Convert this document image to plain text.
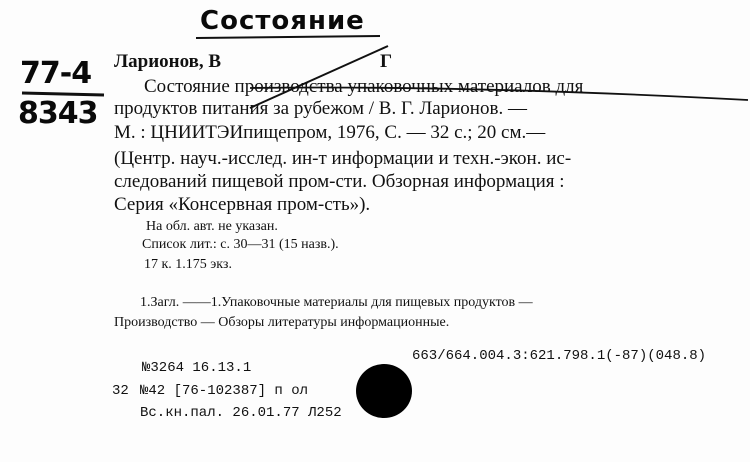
Состояние
77-4
8343
Ларионов, В	Г
Состояние производства упаковочных материалов для
продуктов питания за рубежом / В. Г. Ларионов. —
М. : ЦНИИТЭИпищепром, 1976, С. — 32 с.; 20 см.—
(Центр. науч.-исслед. ин-т информации и техн.-экон. ис-
следований пищевой пром-сти. Обзорная информация :
Серия «Консервная пром-сть»).
На обл. авт. не указан.
Список лит.: с. 30—31 (15 назв.).
17 к. 1.175 экз.
1.Загл. ——1.Упаковочные материалы для пищевых продуктов —
Производство — Обзоры литературы информационные.
663/664.004.3:621.798.1(-87)(048.8)
№3264 16.13.1
32 №42 [76-102387] п ол
Вс.кн.пал. 26.01.77 Л252
